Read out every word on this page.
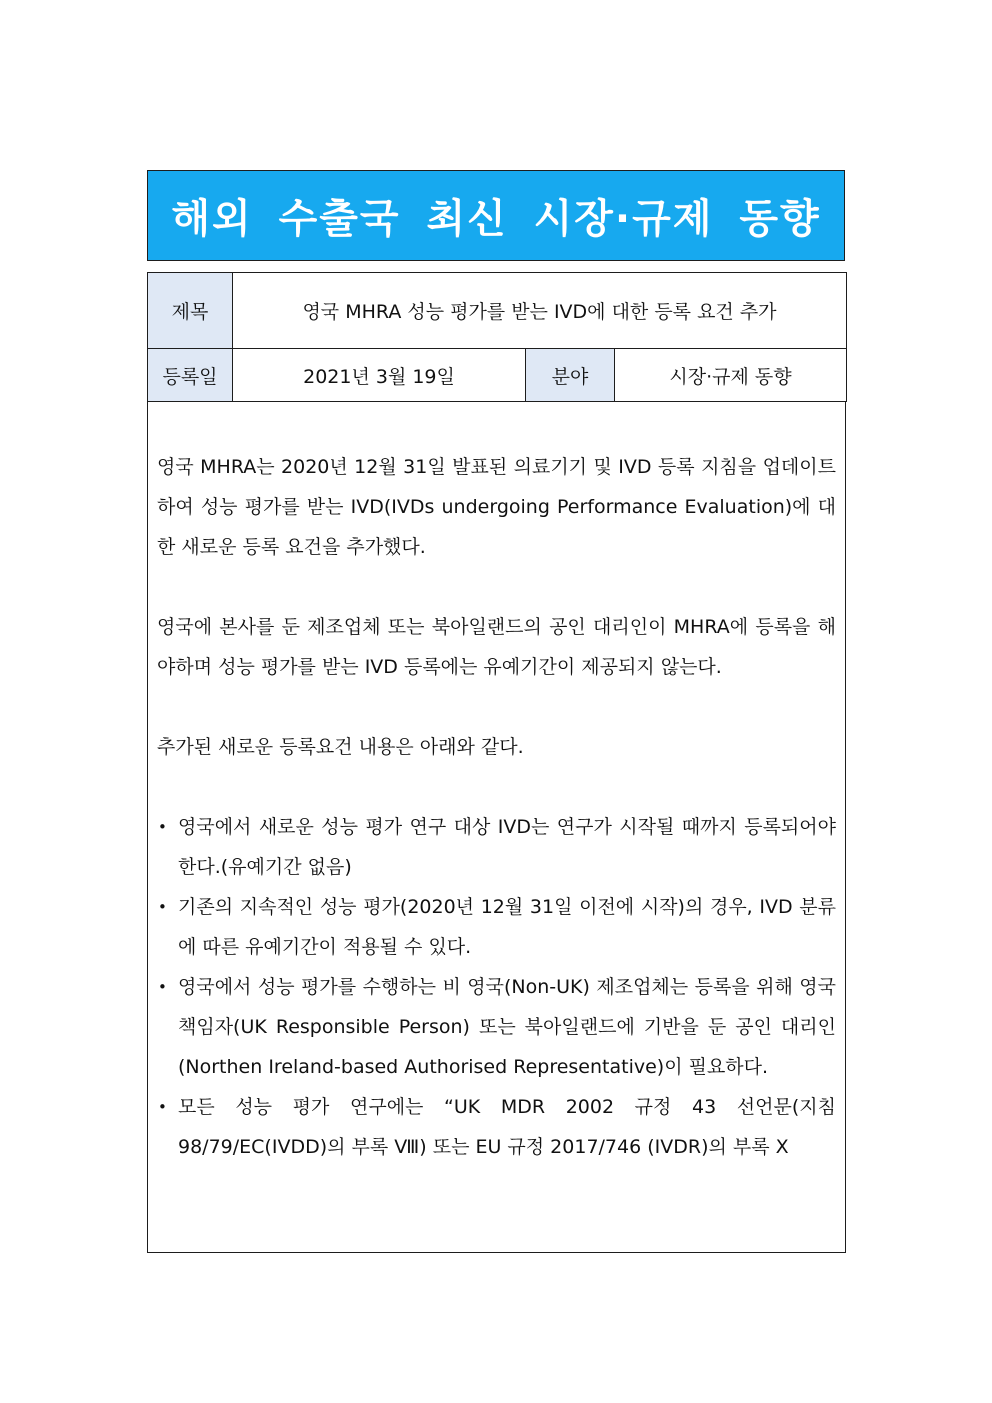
해외 수출국 최신 시장·규제 동향
제목	영국 MHRA 성능 평가를 받는 IVD에 대한 등록 요건 추가		
등록일	2021년 3월 19일	분야	시장·규제 동향

영국 MHRA는 2020년 12월 31일 발표된 의료기기 및 IVD 등록 지침을 업데이트하여 성능 평가를 받는 IVD(IVDs undergoing Performance Evaluation)에 대한 새로운 등록 요건을 추가했다.

영국에 본사를 둔 제조업체 또는 북아일랜드의 공인 대리인이 MHRA에 등록을 해야하며 성능 평가를 받는 IVD 등록에는 유예기간이 제공되지 않는다.

추가된 새로운 등록요건 내용은 아래와 같다.

• 영국에서 새로운 성능 평가 연구 대상 IVD는 연구가 시작될 때까지 등록되어야 한다.(유예기간 없음)
• 기존의 지속적인 성능 평가(2020년 12월 31일 이전에 시작)의 경우, IVD 분류에 따른 유예기간이 적용될 수 있다.
• 영국에서 성능 평가를 수행하는 비 영국(Non-UK) 제조업체는 등록을 위해 영국 책임자(UK Responsible Person) 또는 북아일랜드에 기반을 둔 공인 대리인(Northen Ireland-based Authorised Representative)이 필요하다.
• 모든 성능 평가 연구에는 “UK MDR 2002 규정 43 선언문(지침 98/79/EC(IVDD)의 부록 Ⅷ) 또는 EU 규정 2017/746 (IVDR)의 부록 X
